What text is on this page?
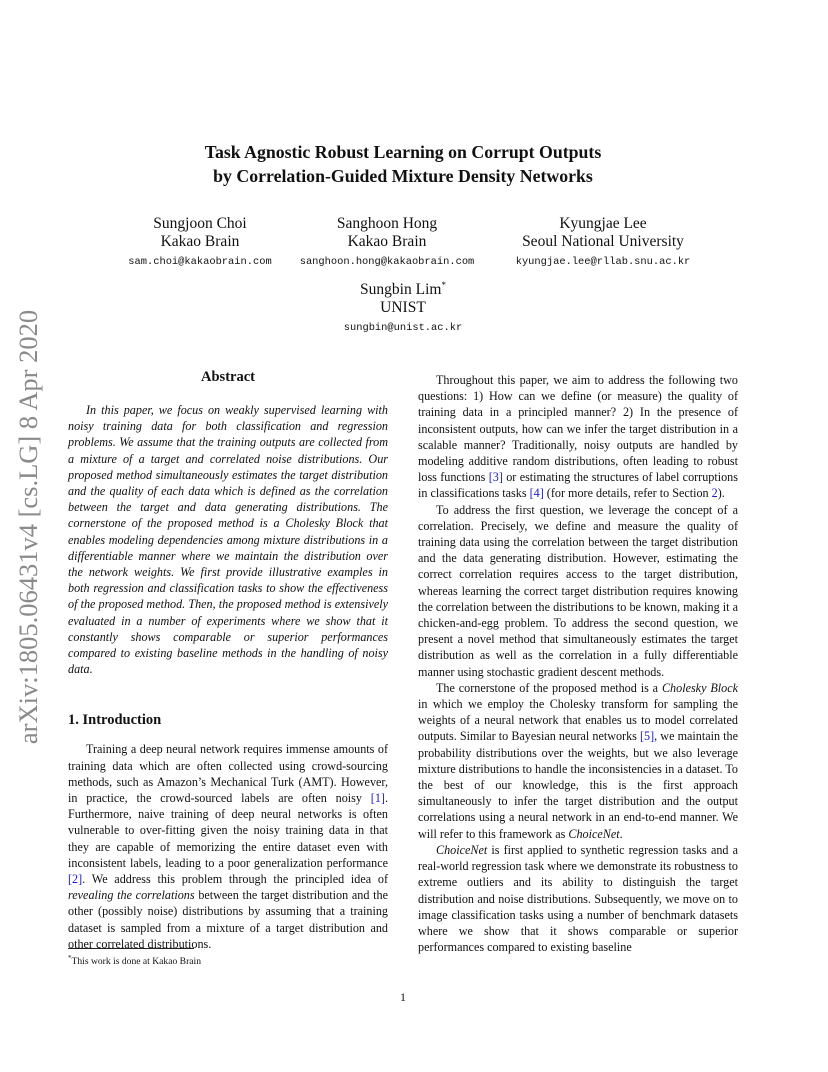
Task Agnostic Robust Learning on Corrupt Outputs
by Correlation-Guided Mixture Density Networks
Sungjoon Choi
Kakao Brain
sam.choi@kakaobrain.com
Sanghoon Hong
Kakao Brain
sanghoon.hong@kakaobrain.com
Kyungjae Lee
Seoul National University
kyungjae.lee@rllab.snu.ac.kr
Sungbin Lim*
UNIST
sungbin@unist.ac.kr
arXiv:1805.06431v4 [cs.LG] 8 Apr 2020	Abstract

In this paper, we focus on weakly supervised learning with noisy training data for both classification and regression problems. We assume that the training outputs are collected from a mixture of a target and correlated noise distributions. Our proposed method simultaneously estimates the target distribution and the quality of each data which is defined as the correlation between the target and data generating distributions. The cornerstone of the proposed method is a Cholesky Block that enables modeling dependencies among mixture distributions in a differentiable manner where we maintain the distribution over the network weights. We first provide illustrative examples in both regression and classification tasks to show the effectiveness of the proposed method. Then, the proposed method is extensively evaluated in a number of experiments where we show that it constantly shows comparable or superior performances compared to existing baseline methods in the handling of noisy data.

1. Introduction

Training a deep neural network requires immense amounts of training data which are often collected using crowd-sourcing methods, such as Amazon’s Mechanical Turk (AMT). However, in practice, the crowd-sourced labels are often noisy [1]. Furthermore, naive training of deep neural networks is often vulnerable to over-fitting given the noisy training data in that they are capable of memorizing the entire dataset even with inconsistent labels, leading to a poor generalization performance [2]. We address this problem through the principled idea of revealing the correlations between the target distribution and the other (possibly noise) distributions by assuming that a training dataset is sampled from a mixture of a target distribution and other correlated distributions.

Throughout this paper, we aim to address the following two questions: 1) How can we define (or measure) the quality of training data in a principled manner? 2) In the presence of inconsistent outputs, how can we infer the target distribution in a scalable manner? Traditionally, noisy outputs are handled by modeling additive random distributions, often leading to robust loss functions [3] or estimating the structures of label corruptions in classifications tasks [4] (for more details, refer to Section 2).

To address the first question, we leverage the concept of a correlation. Precisely, we define and measure the quality of training data using the correlation between the target distribution and the data generating distribution. However, estimating the correct correlation requires access to the target distribution, whereas learning the correct target distribution requires knowing the correlation between the distributions to be known, making it a chicken-and-egg problem. To address the second question, we present a novel method that simultaneously estimates the target distribution as well as the correlation in a fully differentiable manner using stochastic gradient descent methods.

The cornerstone of the proposed method is a Cholesky Block in which we employ the Cholesky transform for sampling the weights of a neural network that enables us to model correlated outputs. Similar to Bayesian neural networks [5], we maintain the probability distributions over the weights, but we also leverage mixture distributions to handle the inconsistencies in a dataset. To the best of our knowledge, this is the first approach simultaneously to infer the target distribution and the output correlations using a neural network in an end-to-end manner. We will refer to this framework as ChoiceNet.

ChoiceNet is first applied to synthetic regression tasks and a real-world regression task where we demonstrate its robustness to extreme outliers and its ability to distinguish the target distribution and noise distributions. Subsequently, we move on to image classification tasks using a number of benchmark datasets where we show that it shows comparable or superior performances compared to existing baseline

*This work is done at Kakao Brain
1
